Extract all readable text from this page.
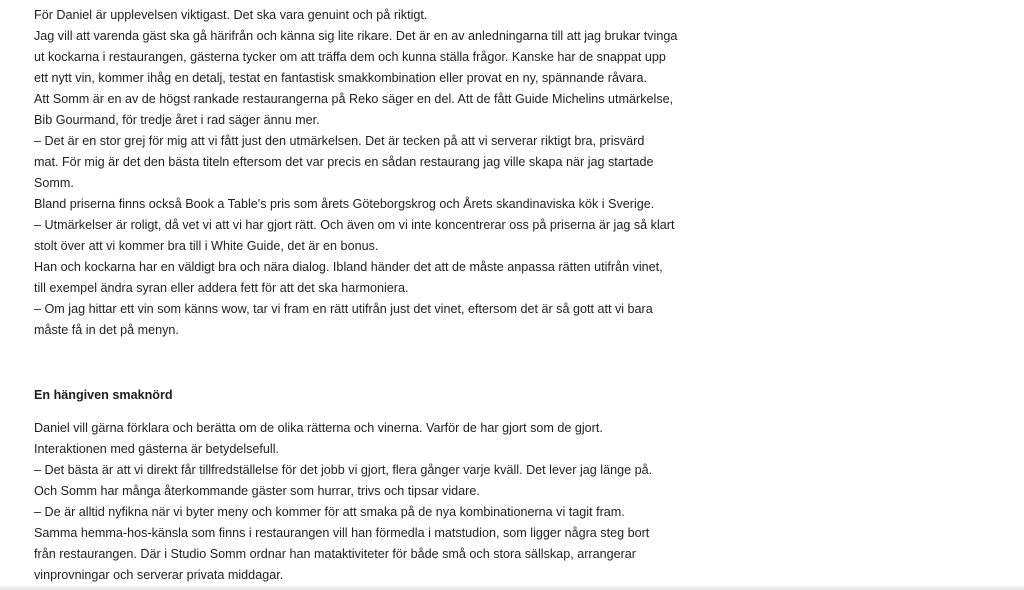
För Daniel är upplevelsen viktigast. Det ska vara genuint och på riktigt.
Jag vill att varenda gäst ska gå härifrån och känna sig lite rikare. Det är en av anledningarna till att jag brukar tvinga
ut kockarna i restaurangen, gästerna tycker om att träffa dem och kunna ställa frågor. Kanske har de snappat upp
ett nytt vin, kommer ihåg en detalj, testat en fantastisk smakkombination eller provat en ny, spännande råvara.
Att Somm är en av de högst rankade restaurangerna på Reko säger en del. Att de fått Guide Michelins utmärkelse,
Bib Gourmand, för tredje året i rad säger ännu mer.
– Det är en stor grej för mig att vi fått just den utmärkelsen. Det är tecken på att vi serverar riktigt bra, prisvärd
mat. För mig är det den bästa titeln eftersom det var precis en sådan restaurang jag ville skapa när jag startade
Somm.
Bland priserna finns också Book a Table's pris som årets Göteborgskrog och Årets skandinaviska kök i Sverige.
– Utmärkelser är roligt, då vet vi att vi har gjort rätt. Och även om vi inte koncentrerar oss på priserna är jag så klart
stolt över att vi kommer bra till i White Guide, det är en bonus.
Han och kockarna har en väldigt bra och nära dialog. Ibland händer det att de måste anpassa rätten utifrån vinet,
till exempel ändra syran eller addera fett för att det ska harmoniera.
– Om jag hittar ett vin som känns wow, tar vi fram en rätt utifrån just det vinet, eftersom det är så gott att vi bara
måste få in det på menyn.

En hängiven smaknörd

Daniel vill gärna förklara och berätta om de olika rätterna och vinerna. Varför de har gjort som de gjort.
Interaktionen med gästerna är betydelsefull.
– Det bästa är att vi direkt får tillfredställelse för det jobb vi gjort, flera gånger varje kväll. Det lever jag länge på.
Och Somm har många återkommande gäster som hurrar, trivs och tipsar vidare.
– De är alltid nyfikna när vi byter meny och kommer för att smaka på de nya kombinationerna vi tagit fram.
Samma hemma-hos-känsla som finns i restaurangen vill han förmedla i matstudion, som ligger några steg bort
från restaurangen. Där i Studio Somm ordnar han mataktiviteter för både små och stora sällskap, arrangerar
vinprovningar och serverar privata middagar.
